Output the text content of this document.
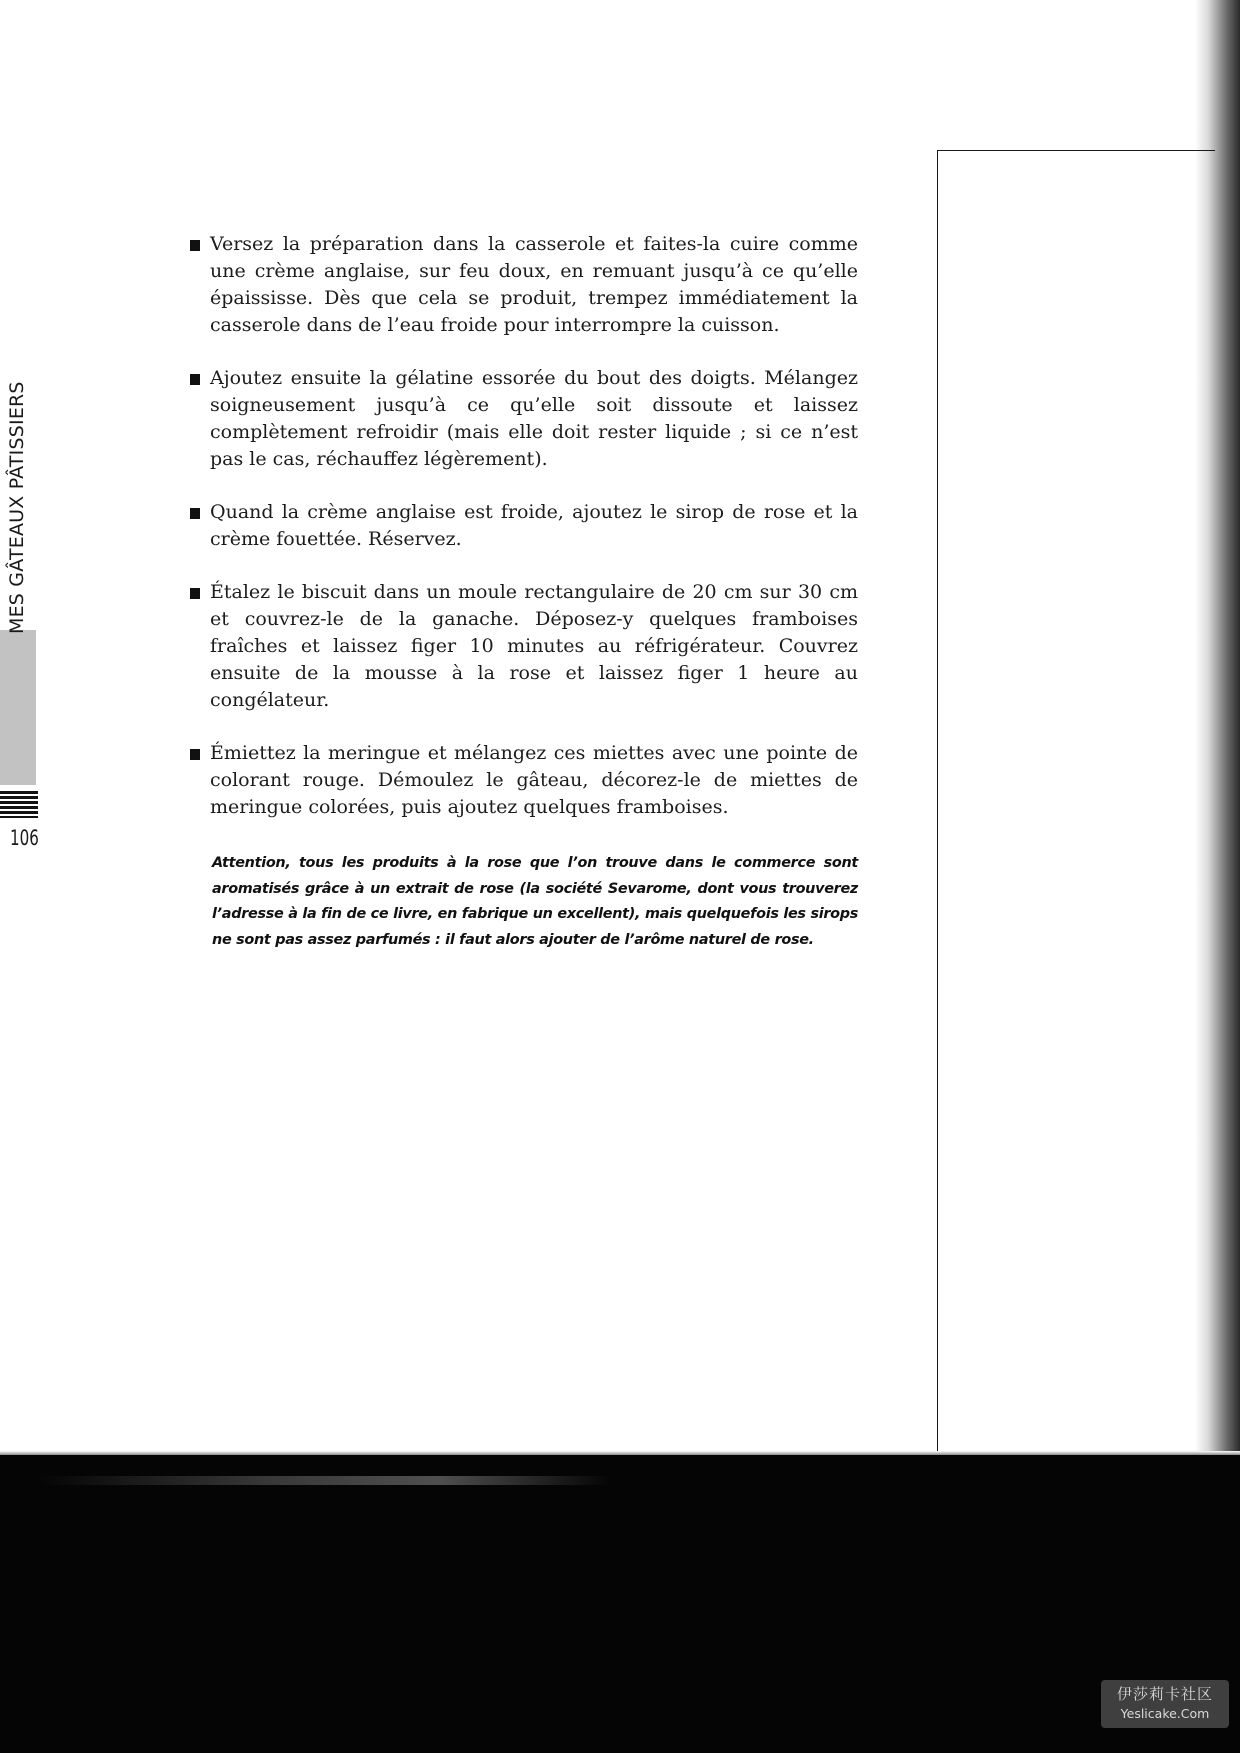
MES GÂTEAUX PÂTISSIERS
106
Versez la préparation dans la casserole et faites-la cuire comme une crème anglaise, sur feu doux, en remuant jusqu’à ce qu’elle épaississe. Dès que cela se produit, trempez immédiatement la casserole dans de l’eau froide pour interrompre la cuisson.
Ajoutez ensuite la gélatine essorée du bout des doigts. Mélangez soigneusement jusqu’à ce qu’elle soit dissoute et laissez complètement refroidir (mais elle doit rester liquide ; si ce n’est pas le cas, réchauffez légèrement).
Quand la crème anglaise est froide, ajoutez le sirop de rose et la crème fouettée. Réservez.
Étalez le biscuit dans un moule rectangulaire de 20 cm sur 30 cm et couvrez-le de la ganache. Déposez-y quelques framboises fraîches et laissez figer 10 minutes au réfrigérateur. Couvrez ensuite de la mousse à la rose et laissez figer 1 heure au congélateur.
Émiettez la meringue et mélangez ces miettes avec une pointe de colorant rouge. Démoulez le gâteau, décorez-le de miettes de meringue colorées, puis ajoutez quelques framboises.
Attention, tous les produits à la rose que l’on trouve dans le commerce sont aromatisés grâce à un extrait de rose (la société Sevarome, dont vous trouverez l’adresse à la fin de ce livre, en fabrique un excellent), mais quelquefois les sirops ne sont pas assez parfumés : il faut alors ajouter de l’arôme naturel de rose.
伊莎莉卡社区
Yeslicake.Com
